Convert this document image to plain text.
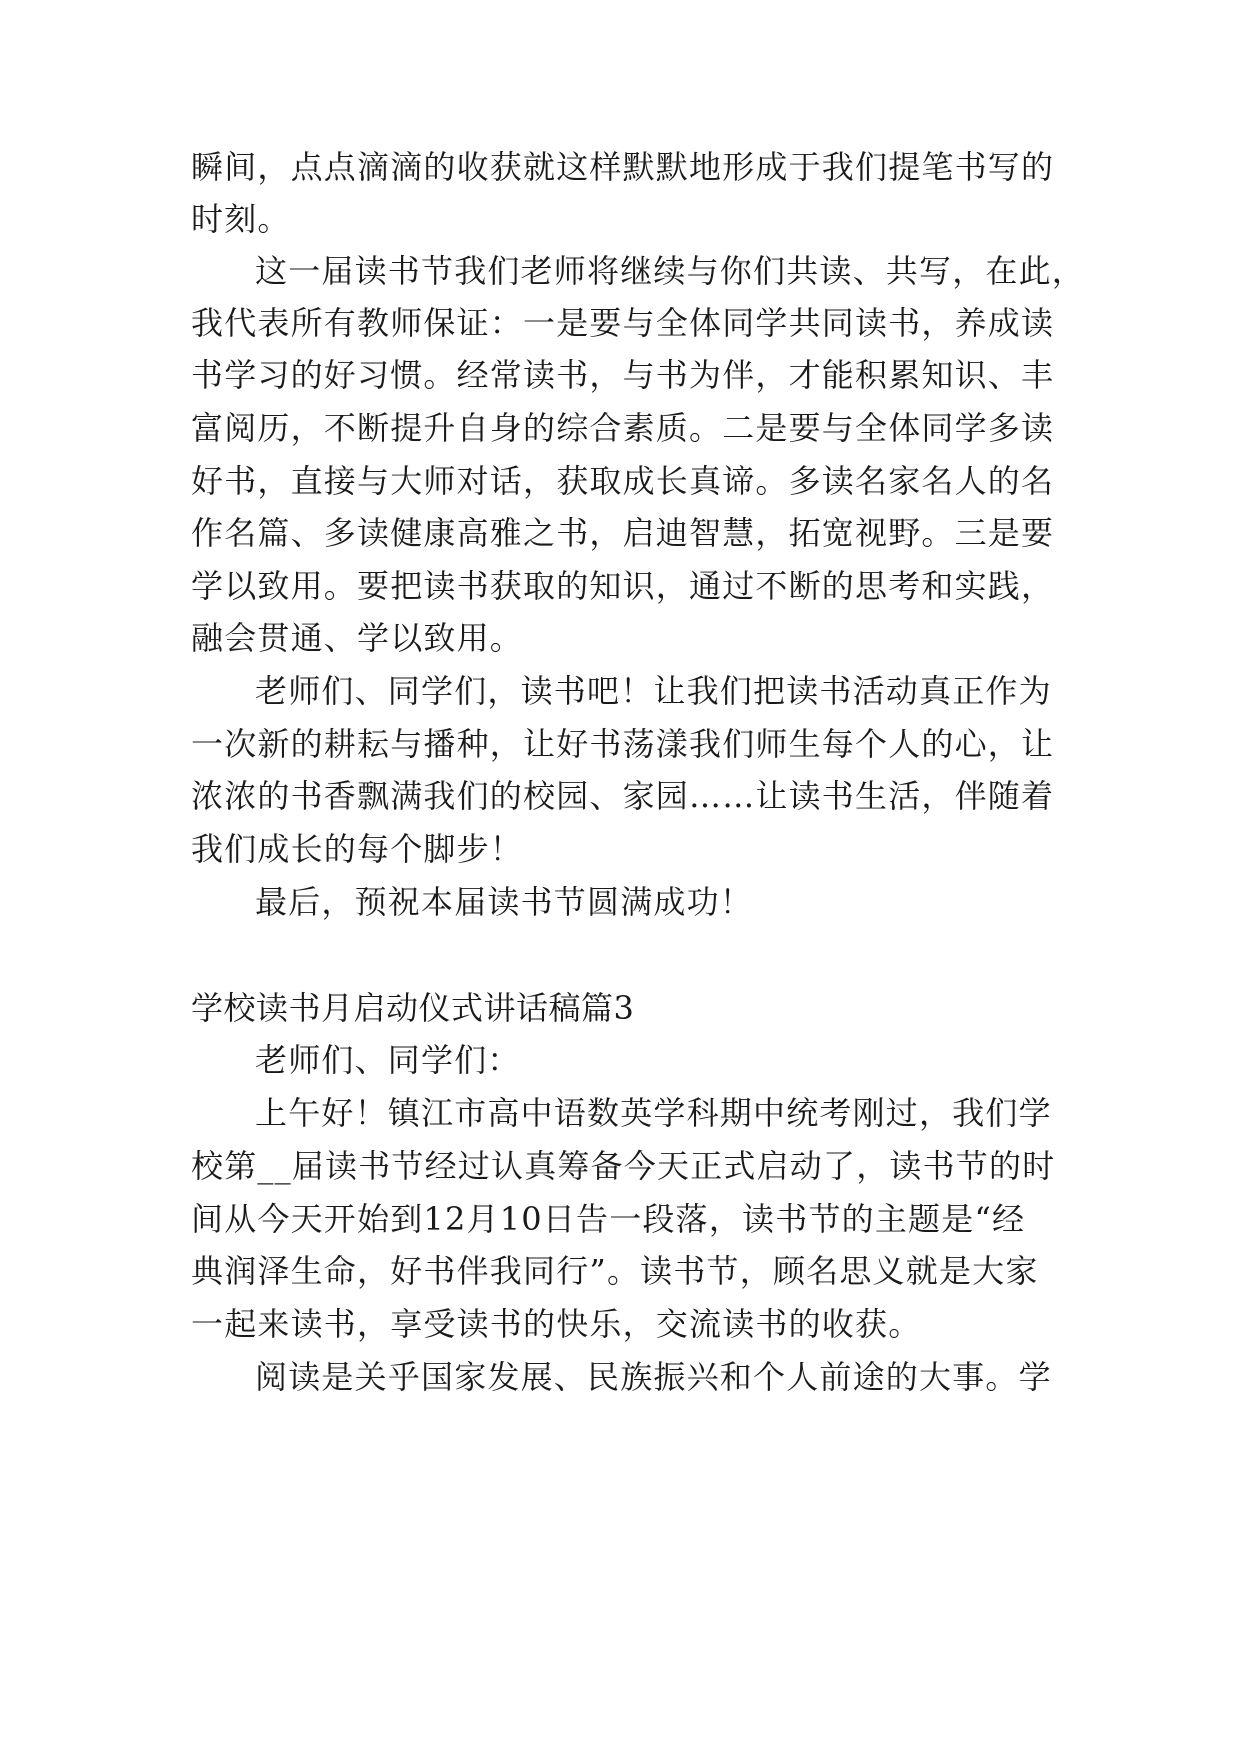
瞬间，点点滴滴的收获就这样默默地形成于我们提笔书写的
时刻。
这一届读书节我们老师将继续与你们共读、共写，在此，
我代表所有教师保证：一是要与全体同学共同读书，养成读
书学习的好习惯。经常读书，与书为伴，才能积累知识、丰
富阅历，不断提升自身的综合素质。二是要与全体同学多读
好书，直接与大师对话，获取成长真谛。多读名家名人的名
作名篇、多读健康高雅之书，启迪智慧，拓宽视野。三是要
学以致用。要把读书获取的知识，通过不断的思考和实践，
融会贯通、学以致用。
老师们、同学们，读书吧！让我们把读书活动真正作为
一次新的耕耘与播种，让好书荡漾我们师生每个人的心，让
浓浓的书香飘满我们的校园、家园……让读书生活，伴随着
我们成长的每个脚步！
最后，预祝本届读书节圆满成功！
学校读书月启动仪式讲话稿篇3
老师们、同学们：
上午好！镇江市高中语数英学科期中统考刚过，我们学
校第__届读书节经过认真筹备今天正式启动了，读书节的时
间从今天开始到12月10日告一段落，读书节的主题是“经
典润泽生命，好书伴我同行”。读书节，顾名思义就是大家
一起来读书，享受读书的快乐，交流读书的收获。
阅读是关乎国家发展、民族振兴和个人前途的大事。学
